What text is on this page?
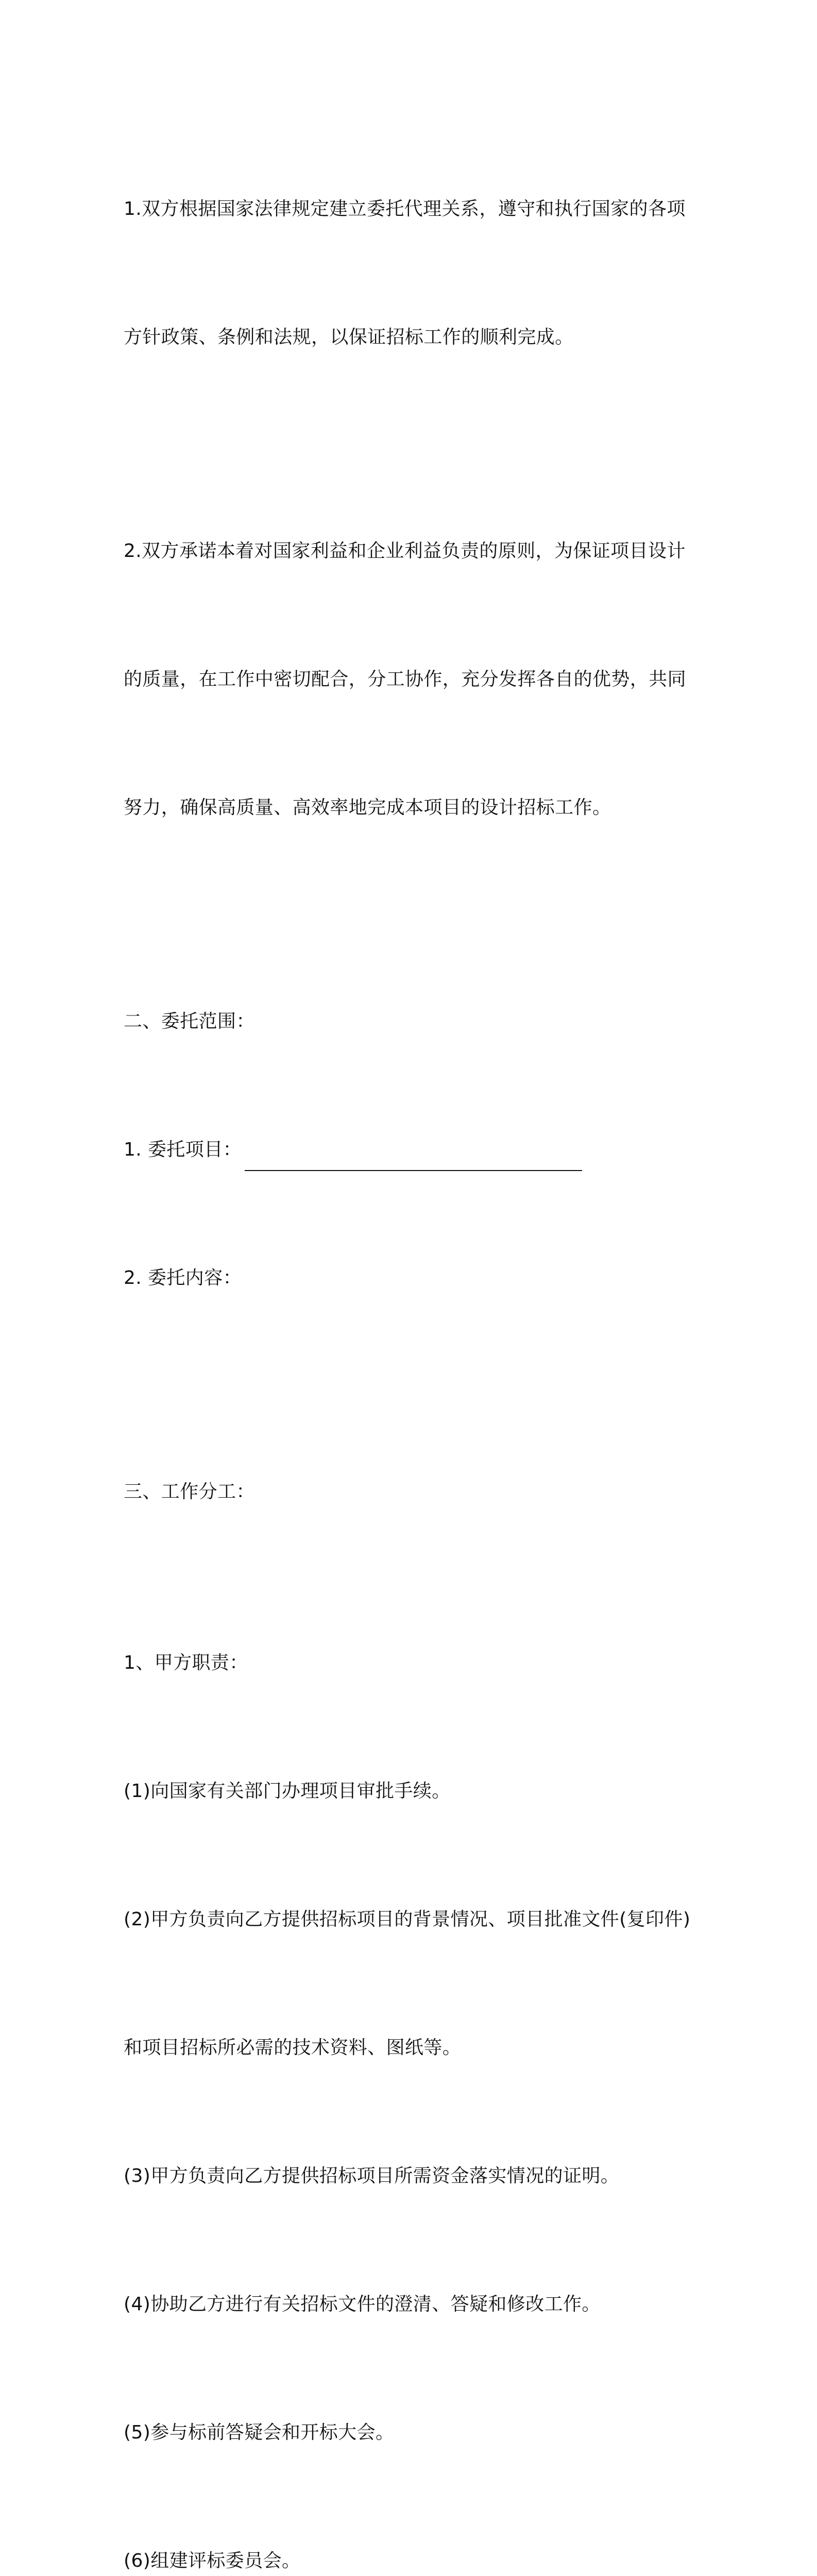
1.双方根据国家法律规定建立委托代理关系，遵守和执行国家的各项

方针政策、条例和法规，以保证招标工作的顺利完成。

2.双方承诺本着对国家利益和企业利益负责的原则，为保证项目设计

的质量，在工作中密切配合，分工协作，充分发挥各自的优势，共同

努力，确保高质量、高效率地完成本项目的设计招标工作。

二、委托范围：

1. 委托项目：

2. 委托内容：

三、工作分工：

1、甲方职责：

(1)向国家有关部门办理项目审批手续。

(2)甲方负责向乙方提供招标项目的背景情况、项目批准文件(复印件)

和项目招标所必需的技术资料、图纸等。

(3)甲方负责向乙方提供招标项目所需资金落实情况的证明。

(4)协助乙方进行有关招标文件的澄清、答疑和修改工作。

(5)参与标前答疑会和开标大会。

(6)组建评标委员会。
